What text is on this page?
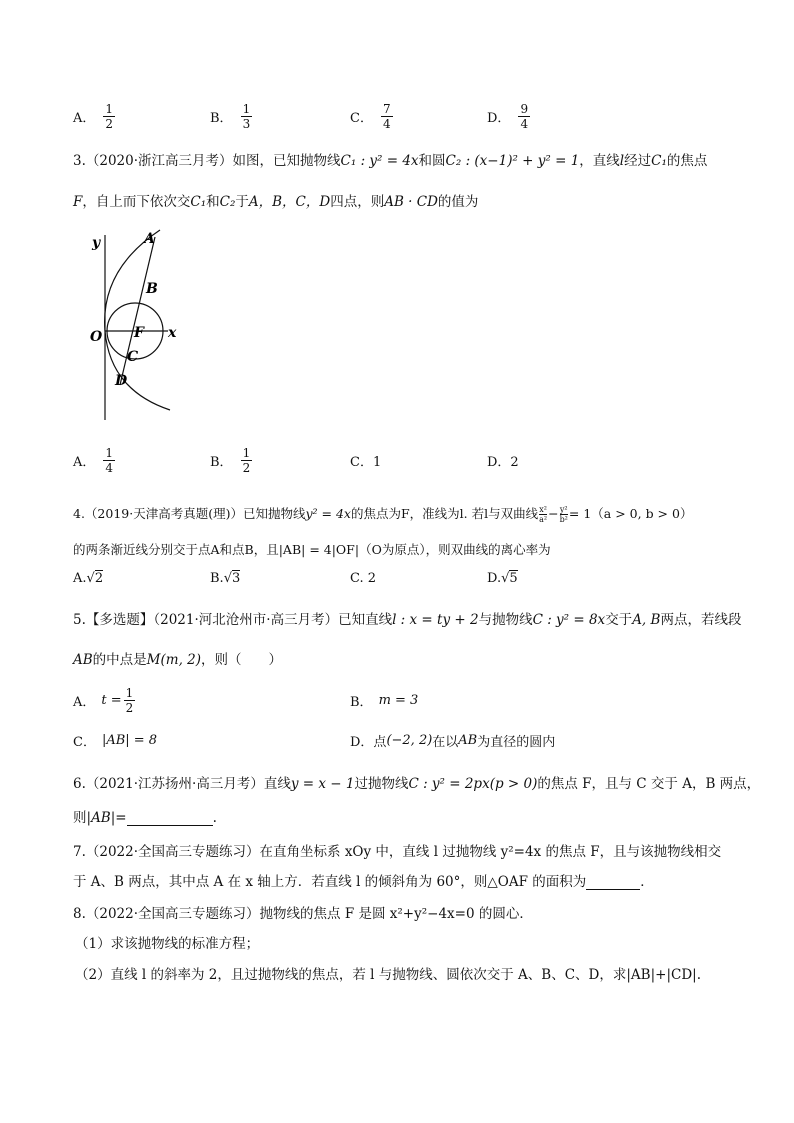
A． $\frac{1}{2}$	B． $\frac{1}{3}$	C． $\frac{7}{4}$	D． $\frac{9}{4}$
3.（2020·浙江高三月考）如图，已知抛物线C₁ : y² = 4x和圆C₂ : (x−1)² + y² = 1，直线l经过C₁的焦点
F，自上而下依次交C₁和C₂于A，B，C，D四点，则AB · CD的值为
y	A
B
O F x
C
D
A． $\frac{1}{4}$	B． $\frac{1}{2}$	C．1	D．2
4.（2019·天津高考真题(理)）已知抛物线y² = 4x的焦点为F，准线为l. 若l与双曲线 $\frac{\text{x²}}{\text{a²}} - \frac{\text{y²}}{\text{b²}} = 1(a > 0$, b > 0）
的两条渐近线分别交于点A和点B，且|AB| = 4|OF|（O为原点），则双曲线的离心率为
A. √ 2	B. √ 3	C. 2	D. √ 5
5.【多选题】（2021·河北沧州市·高三月考）已知直线l : x = ty + 2与抛物线C : y² = 8x交于A, B两点，若线段
AB的中点是M(m, 2)，则（　　）
A． $t = \frac{1}{2}$	B． m = 3
C． |AB| = 8	D．点 (−2, 2) 在以 AB 为直径的圆内
6.（2021·江苏扬州·高三月考）直线y = x − 1过抛物线C : y² = 2px(p > 0)的焦点 F，且与 C 交于 A，B 两点，
则|AB|=	.
7.（2022·全国高三专题练习）在直角坐标系 xOy 中，直线 l 过抛物线 y²=4x 的焦点 F，且与该抛物线相交
于 A、B 两点，其中点 A 在 x 轴上方．若直线 l 的倾斜角为 60°，则△OAF 的面积为	．
8.（2022·全国高三专题练习）抛物线的焦点 F 是圆 x²+y²−4x=0 的圆心．
（1）求该抛物线的标准方程；
（2）直线 l 的斜率为 2，且过抛物线的焦点，若 l 与抛物线、圆依次交于 A、B、C、D，求|AB|+|CD|.
